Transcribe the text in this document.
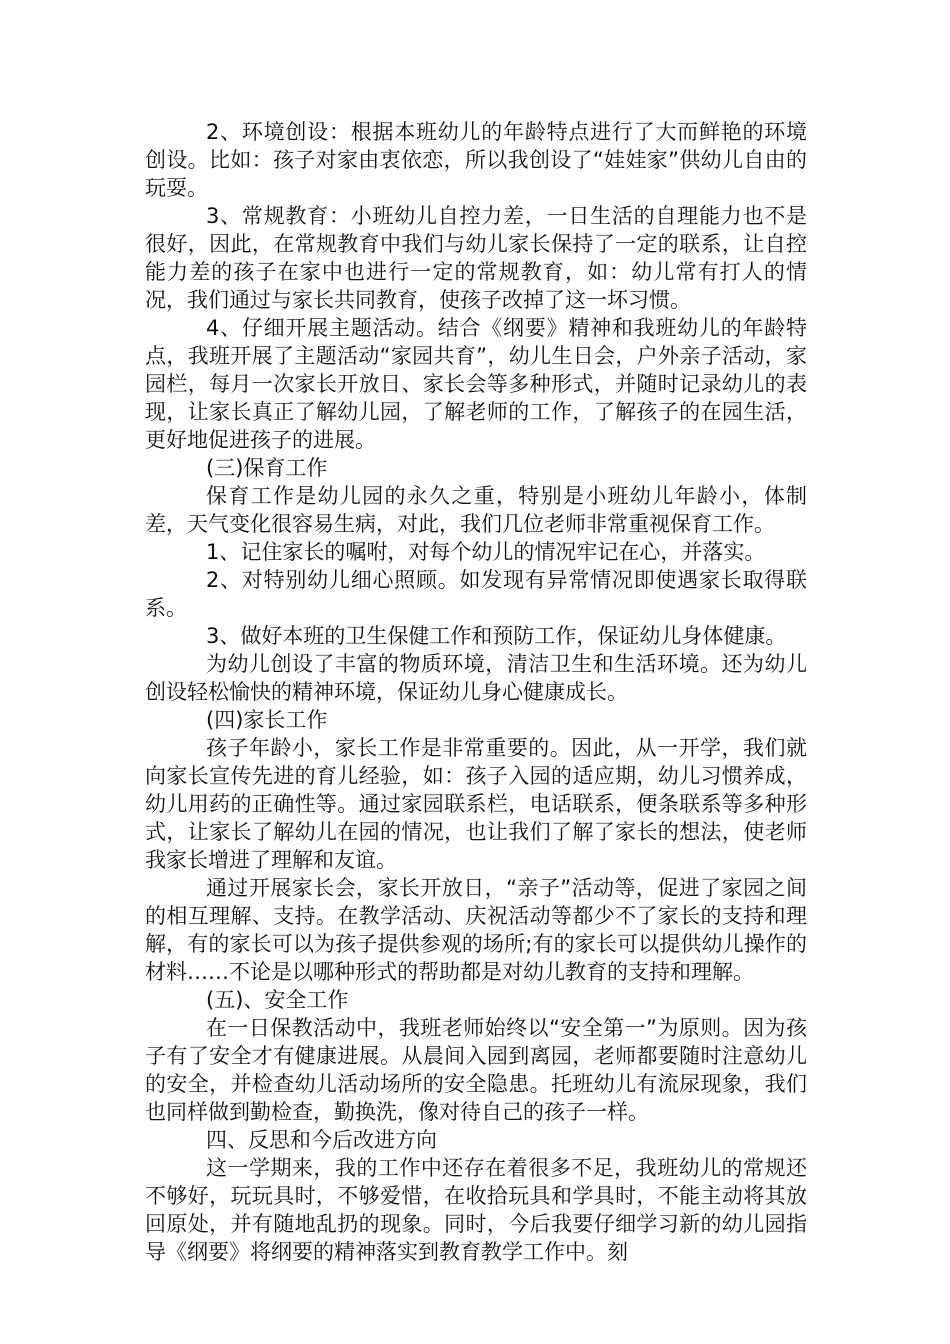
2、环境创设：根据本班幼儿的年龄特点进行了大而鲜艳的环境创设。比如：孩子对家由衷依恋，所以我创设了“娃娃家”供幼儿自由的玩耍。

3、常规教育：小班幼儿自控力差，一日生活的自理能力也不是很好，因此，在常规教育中我们与幼儿家长保持了一定的联系，让自控能力差的孩子在家中也进行一定的常规教育，如：幼儿常有打人的情况，我们通过与家长共同教育，使孩子改掉了这一坏习惯。

4、仔细开展主题活动。结合《纲要》精神和我班幼儿的年龄特点，我班开展了主题活动“家园共育”，幼儿生日会，户外亲子活动，家园栏，每月一次家长开放日、家长会等多种形式，并随时记录幼儿的表现，让家长真正了解幼儿园，了解老师的工作，了解孩子的在园生活，更好地促进孩子的进展。

(三)保育工作

保育工作是幼儿园的永久之重，特别是小班幼儿年龄小，体制差，天气变化很容易生病，对此，我们几位老师非常重视保育工作。

1、记住家长的嘱咐，对每个幼儿的情况牢记在心，并落实。

2、对特别幼儿细心照顾。如发现有异常情况即使遇家长取得联系。

3、做好本班的卫生保健工作和预防工作，保证幼儿身体健康。

为幼儿创设了丰富的物质环境，清洁卫生和生活环境。还为幼儿创设轻松愉快的精神环境，保证幼儿身心健康成长。

(四)家长工作

孩子年龄小，家长工作是非常重要的。因此，从一开学，我们就向家长宣传先进的育儿经验，如：孩子入园的适应期，幼儿习惯养成，幼儿用药的正确性等。通过家园联系栏，电话联系，便条联系等多种形式，让家长了解幼儿在园的情况，也让我们了解了家长的想法，使老师我家长增进了理解和友谊。

通过开展家长会，家长开放日，“亲子”活动等，促进了家园之间的相互理解、支持。在教学活动、庆祝活动等都少不了家长的支持和理解，有的家长可以为孩子提供参观的场所;有的家长可以提供幼儿操作的材料……不论是以哪种形式的帮助都是对幼儿教育的支持和理解。

(五)、安全工作

在一日保教活动中，我班老师始终以“安全第一”为原则。因为孩子有了安全才有健康进展。从晨间入园到离园，老师都要随时注意幼儿的安全，并检查幼儿活动场所的安全隐患。托班幼儿有流尿现象，我们也同样做到勤检查，勤换洗，像对待自己的孩子一样。

四、反思和今后改进方向

这一学期来，我的工作中还存在着很多不足，我班幼儿的常规还不够好，玩玩具时，不够爱惜，在收拾玩具和学具时，不能主动将其放回原处，并有随地乱扔的现象。同时，今后我要仔细学习新的幼儿园指导《纲要》将纲要的精神落实到教育教学工作中。刻
